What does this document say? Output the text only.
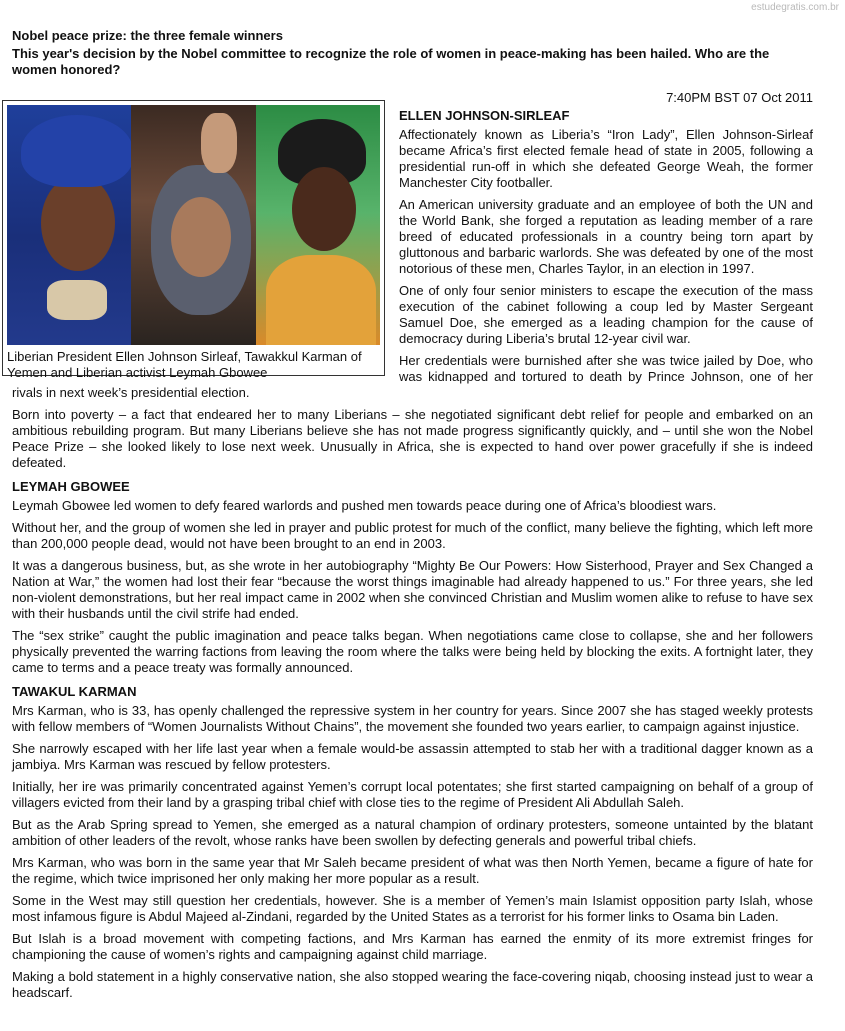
estudegratis.com.br
Nobel peace prize: the three female winners
This year's decision by the Nobel committee to recognize the role of women in peace-making has been hailed. Who are the women honored?
7:40PM BST 07 Oct 2011
Liberian President Ellen Johnson Sirleaf, Tawakkul Karman of Yemen and Liberian activist Leymah Gbowee
ELLEN JOHNSON-SIRLEAF

Affectionately known as Liberia’s “Iron Lady”, Ellen Johnson-Sirleaf became Africa’s first elected female head of state in 2005, following a presidential run-off in which she defeated George Weah, the former Manchester City footballer.

An American university graduate and an employee of both the UN and the World Bank, she forged a reputation as leading member of a rare breed of educated professionals in a country being torn apart by gluttonous and barbaric warlords. She was defeated by one of the most notorious of these men, Charles Taylor, in an election in 1997.

One of only four senior ministers to escape the execution of the mass execution of the cabinet following a coup led by Master Sergeant Samuel Doe, she emerged as a leading champion for the cause of democracy during Liberia’s brutal 12-year civil war.

Her credentials were burnished after she was twice jailed by Doe, who was kidnapped and tortured to death by Prince Johnson, one of her rivals in next week’s presidential election.

Born into poverty – a fact that endeared her to many Liberians – she negotiated significant debt relief for people and embarked on an ambitious rebuilding program. But many Liberians believe she has not made progress significantly quickly, and – until she won the Nobel Peace Prize – she looked likely to lose next week. Unusually in Africa, she is expected to hand over power gracefully if she is indeed defeated.

LEYMAH GBOWEE

Leymah Gbowee led women to defy feared warlords and pushed men towards peace during one of Africa’s bloodiest wars.

Without her, and the group of women she led in prayer and public protest for much of the conflict, many believe the fighting, which left more than 200,000 people dead, would not have been brought to an end in 2003.

It was a dangerous business, but, as she wrote in her autobiography “Mighty Be Our Powers: How Sisterhood, Prayer and Sex Changed a Nation at War,” the women had lost their fear “because the worst things imaginable had already happened to us.” For three years, she led non-violent demonstrations, but her real impact came in 2002 when she convinced Christian and Muslim women alike to refuse to have sex with their husbands until the civil strife had ended.

The “sex strike” caught the public imagination and peace talks began. When negotiations came close to collapse, she and her followers physically prevented the warring factions from leaving the room where the talks were being held by blocking the exits. A fortnight later, they came to terms and a peace treaty was formally announced.

TAWAKUL KARMAN

Mrs Karman, who is 33, has openly challenged the repressive system in her country for years. Since 2007 she has staged weekly protests with fellow members of “Women Journalists Without Chains”, the movement she founded two years earlier, to campaign against injustice.

She narrowly escaped with her life last year when a female would-be assassin attempted to stab her with a traditional dagger known as a jambiya. Mrs Karman was rescued by fellow protesters.

Initially, her ire was primarily concentrated against Yemen’s corrupt local potentates; she first started campaigning on behalf of a group of villagers evicted from their land by a grasping tribal chief with close ties to the regime of President Ali Abdullah Saleh.

But as the Arab Spring spread to Yemen, she emerged as a natural champion of ordinary protesters, someone untainted by the blatant ambition of other leaders of the revolt, whose ranks have been swollen by defecting generals and powerful tribal chiefs.

Mrs Karman, who was born in the same year that Mr Saleh became president of what was then North Yemen, became a figure of hate for the regime, which twice imprisoned her only making her more popular as a result.

Some in the West may still question her credentials, however. She is a member of Yemen’s main Islamist opposition party Islah, whose most infamous figure is Abdul Majeed al-Zindani, regarded by the United States as a terrorist for his former links to Osama bin Laden.

But Islah is a broad movement with competing factions, and Mrs Karman has earned the enmity of its more extremist fringes for championing the cause of women’s rights and campaigning against child marriage.

Making a bold statement in a highly conservative nation, she also stopped wearing the face-covering niqab, choosing instead just to wear a headscarf.
